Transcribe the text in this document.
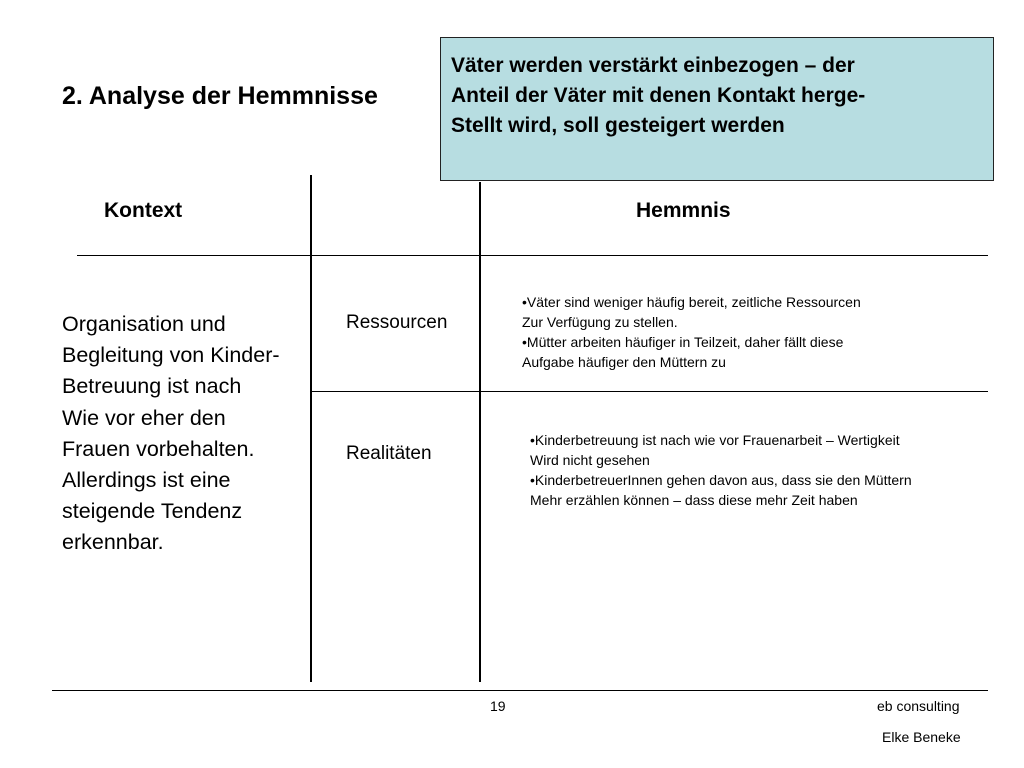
2. Analyse der Hemmnisse
Väter werden verstärkt einbezogen – der
Anteil der Väter mit denen Kontakt herge-
Stellt wird, soll gesteigert werden
Kontext	Hemmnis
Organisation und
Begleitung von Kinder-
Betreuung ist nach
Wie vor eher den
Frauen vorbehalten.
Allerdings ist eine
steigende Tendenz
erkennbar.
Ressourcen
•Väter sind weniger häufig bereit, zeitliche Ressourcen
Zur Verfügung zu stellen.
•Mütter arbeiten häufiger in Teilzeit, daher fällt diese
Aufgabe häufiger den Müttern zu
Realitäten
•Kinderbetreuung ist nach wie vor Frauenarbeit – Wertigkeit
Wird nicht gesehen
•KinderbetreuerInnen gehen davon aus, dass sie den Müttern
Mehr erzählen können – dass diese mehr Zeit haben
19	eb consulting
Elke Beneke
